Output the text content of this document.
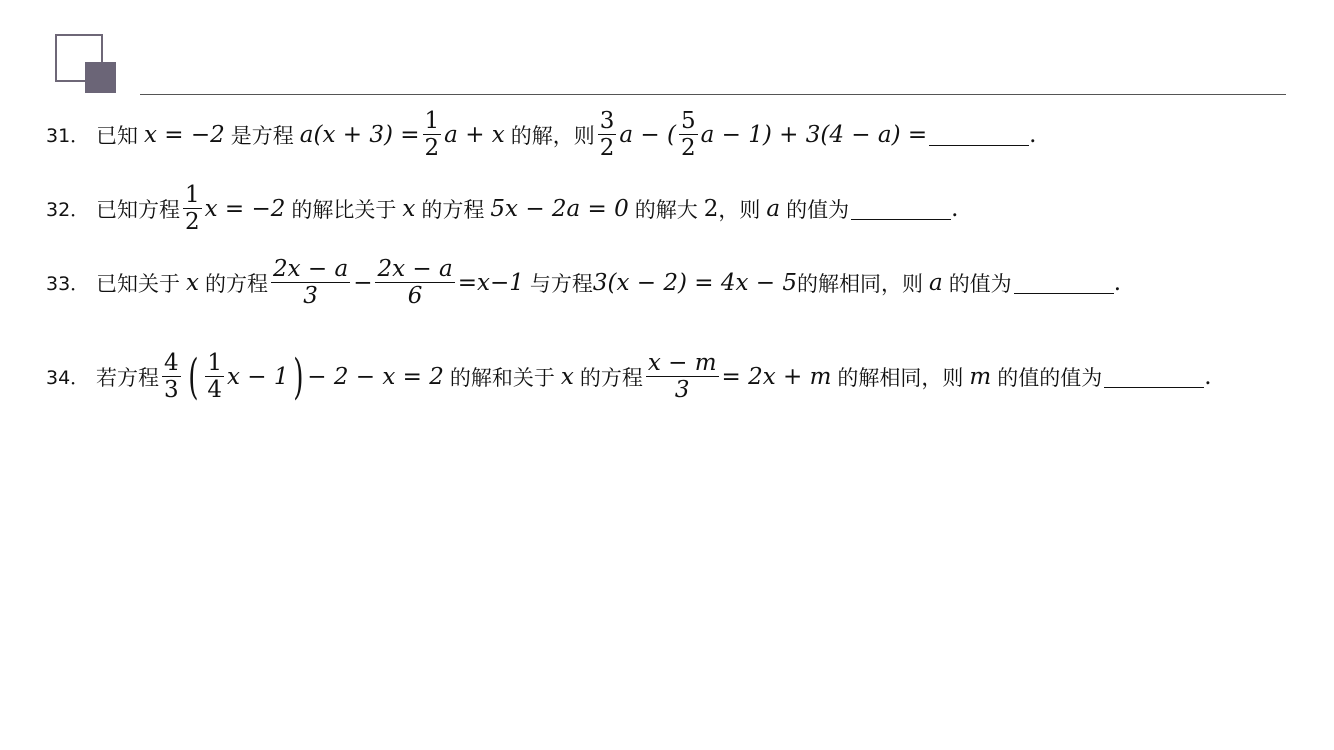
31． 已知 x = −2 是方程 $a(x + 3) = \frac{1}{2}$ a + x 的解，则 $\frac{3}{2}$ a − ( $\frac{5}{2}$ a − 1) + 3(4 − a) =	.
32． 已知方程 $\frac{1}{2}$ x = −2 的解比关于 x 的方程 5x − 2a = 0 的解大 2 ，则 a 的值为	.
33． 已知关于 x 的方程 $\frac{2x - a}{3} - \frac{2x - a}{6} =x-1$ 与方程 3(x − 2) = 4x − 5 的解相同，则 a 的值为	.
34． 若方程 $\frac{4}{3}$ ( $\frac{1}{4}$ x − 1 ) − 2 − x = 2 的解和关于 x 的方程 $\frac{x - m}{3} = 2x + m$ 的解相同，则 m 的值的值为	.
